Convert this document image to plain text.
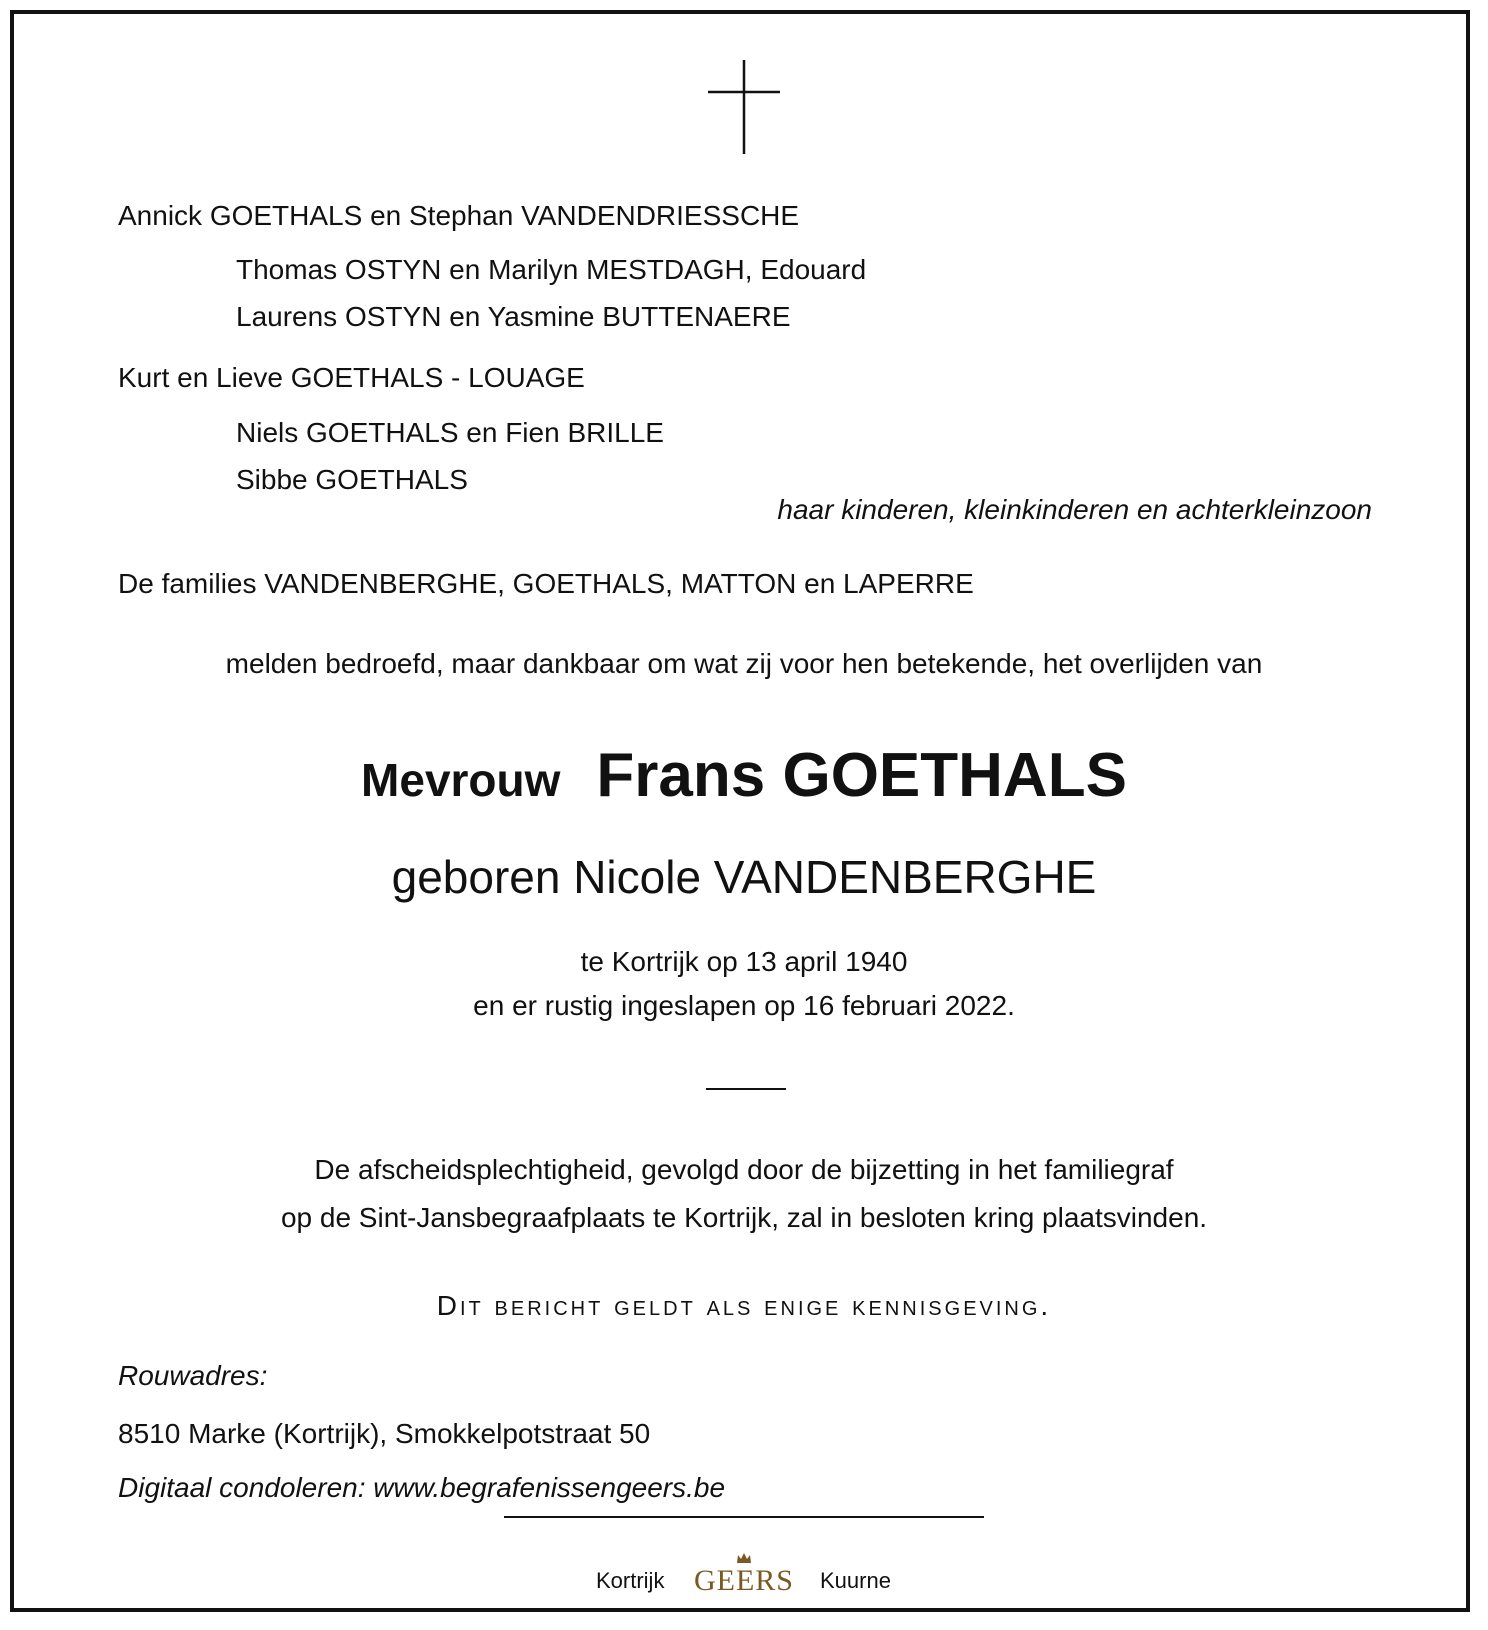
Annick GOETHALS en Stephan VANDENDRIESSCHE
Thomas OSTYN en Marilyn MESTDAGH, Edouard
Laurens OSTYN en Yasmine BUTTENAERE
Kurt en Lieve GOETHALS - LOUAGE
Niels GOETHALS en Fien BRILLE
Sibbe GOETHALS
haar kinderen, kleinkinderen en achterkleinzoon
De families VANDENBERGHE, GOETHALS, MATTON en LAPERRE
melden bedroefd, maar dankbaar om wat zij voor hen betekende, het overlijden van
Mevrouw Frans GOETHALS
geboren Nicole VANDENBERGHE
te Kortrijk op 13 april 1940
en er rustig ingeslapen op 16 februari 2022.
De afscheidsplechtigheid, gevolgd door de bijzetting in het familiegraf
op de Sint-Jansbegraafplaats te Kortrijk, zal in besloten kring plaatsvinden.
Dit bericht geldt als enige kennisgeving.
Rouwadres:
8510 Marke (Kortrijk), Smokkelpotstraat 50
Digitaal condoleren: www.begrafenissengeers.be
Kortrijk GEERS Kuurne
